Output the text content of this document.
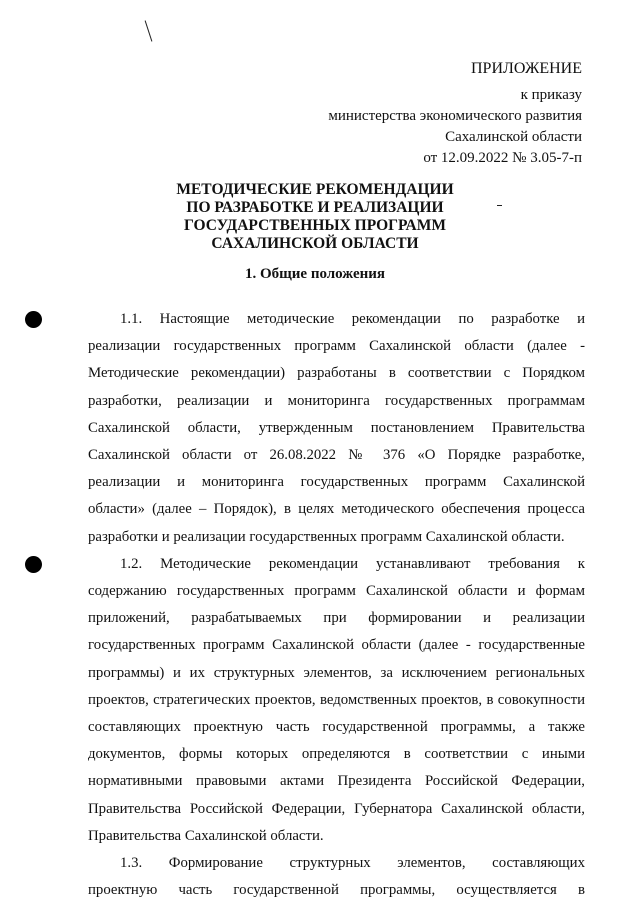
ПРИЛОЖЕНИЕ
к приказу
министерства экономического развития
Сахалинской области
от 12.09.2022 № 3.05-7-п
МЕТОДИЧЕСКИЕ РЕКОМЕНДАЦИИ
ПО РАЗРАБОТКЕ И РЕАЛИЗАЦИИ
ГОСУДАРСТВЕННЫХ ПРОГРАММ
САХАЛИНСКОЙ ОБЛАСТИ
1. Общие положения

1.1. Настоящие методические рекомендации по разработке и

реализации государственных программ Сахалинской области (далее -

Методические рекомендации) разработаны в соответствии с Порядком

разработки, реализации и мониторинга государственных программам

Сахалинской области, утвержденным постановлением Правительства

Сахалинской области от 26.08.2022 № 376 «О Порядке разработке,

реализации и мониторинга государственных программ Сахалинской

области» (далее – Порядок), в целях методического обеспечения процесса

разработки и реализации государственных программ Сахалинской области.

1.2. Методические рекомендации устанавливают требования к

содержанию государственных программ Сахалинской области и формам

приложений, разрабатываемых при формировании и реализации

государственных программ Сахалинской области (далее - государственные

программы) и их структурных элементов, за исключением региональных

проектов, стратегических проектов, ведомственных проектов, в совокупности

составляющих проектную часть государственной программы, а также

документов, формы которых определяются в соответствии с иными

нормативными правовыми актами Президента Российской Федерации,

Правительства Российской Федерации, Губернатора Сахалинской области,

Правительства Сахалинской области.

1.3. Формирование структурных элементов, составляющих

проектную часть государственной программы, осуществляется в
